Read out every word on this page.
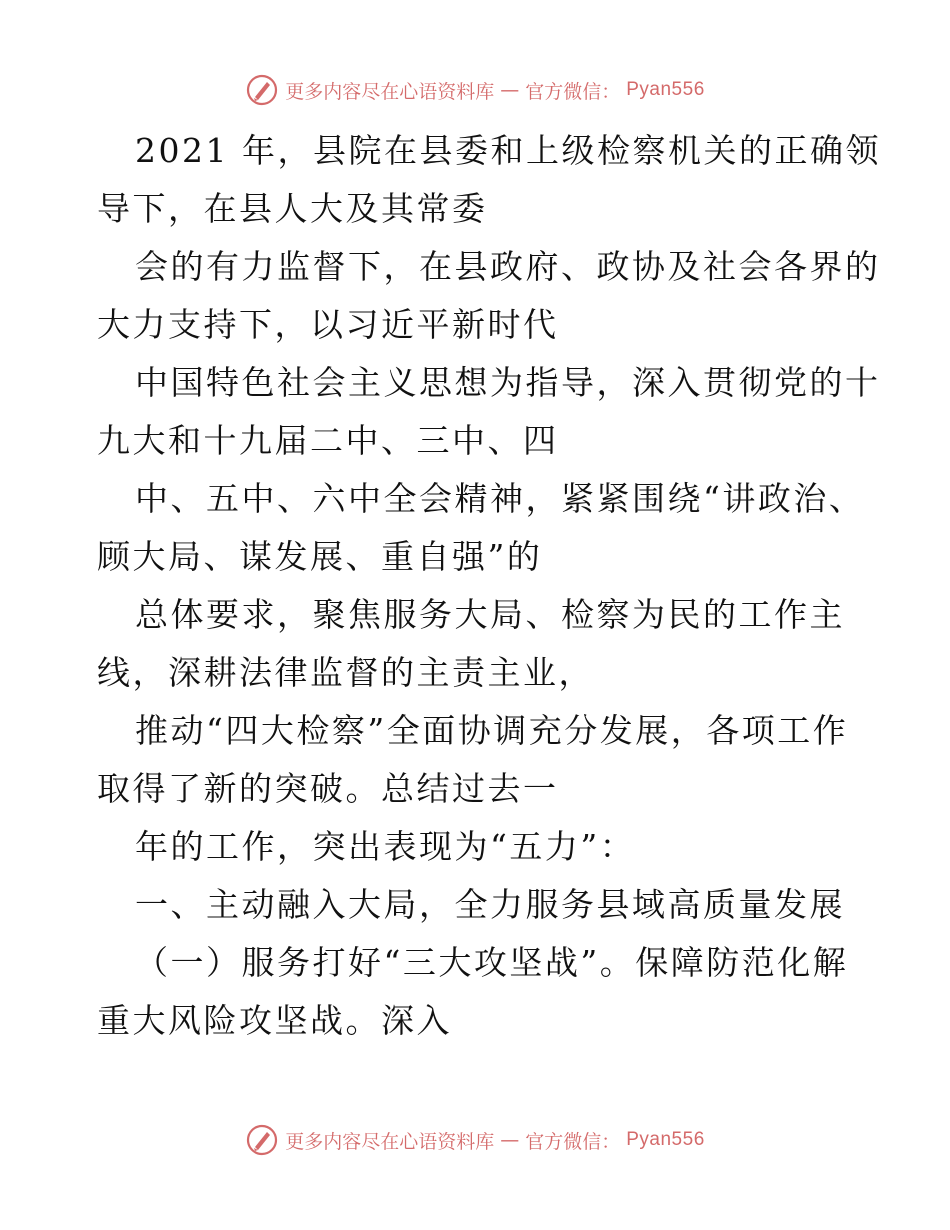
更多内容尽在心语资料库 — 官方微信： Pyan556
2021 年，县院在县委和上级检察机关的正确领
导下，在县人大及其常委
会的有力监督下，在县政府、政协及社会各界的
大力支持下，以习近平新时代
中国特色社会主义思想为指导，深入贯彻党的十
九大和十九届二中、三中、四
中、五中、六中全会精神，紧紧围绕“讲政治、
顾大局、谋发展、重自强”的
总体要求，聚焦服务大局、检察为民的工作主
线，深耕法律监督的主责主业，
推动“四大检察”全面协调充分发展，各项工作
取得了新的突破。总结过去一
年的工作，突出表现为“五力”：
一、主动融入大局，全力服务县域高质量发展
（一）服务打好“三大攻坚战”。保障防范化解
重大风险攻坚战。深入
更多内容尽在心语资料库 — 官方微信： Pyan556
